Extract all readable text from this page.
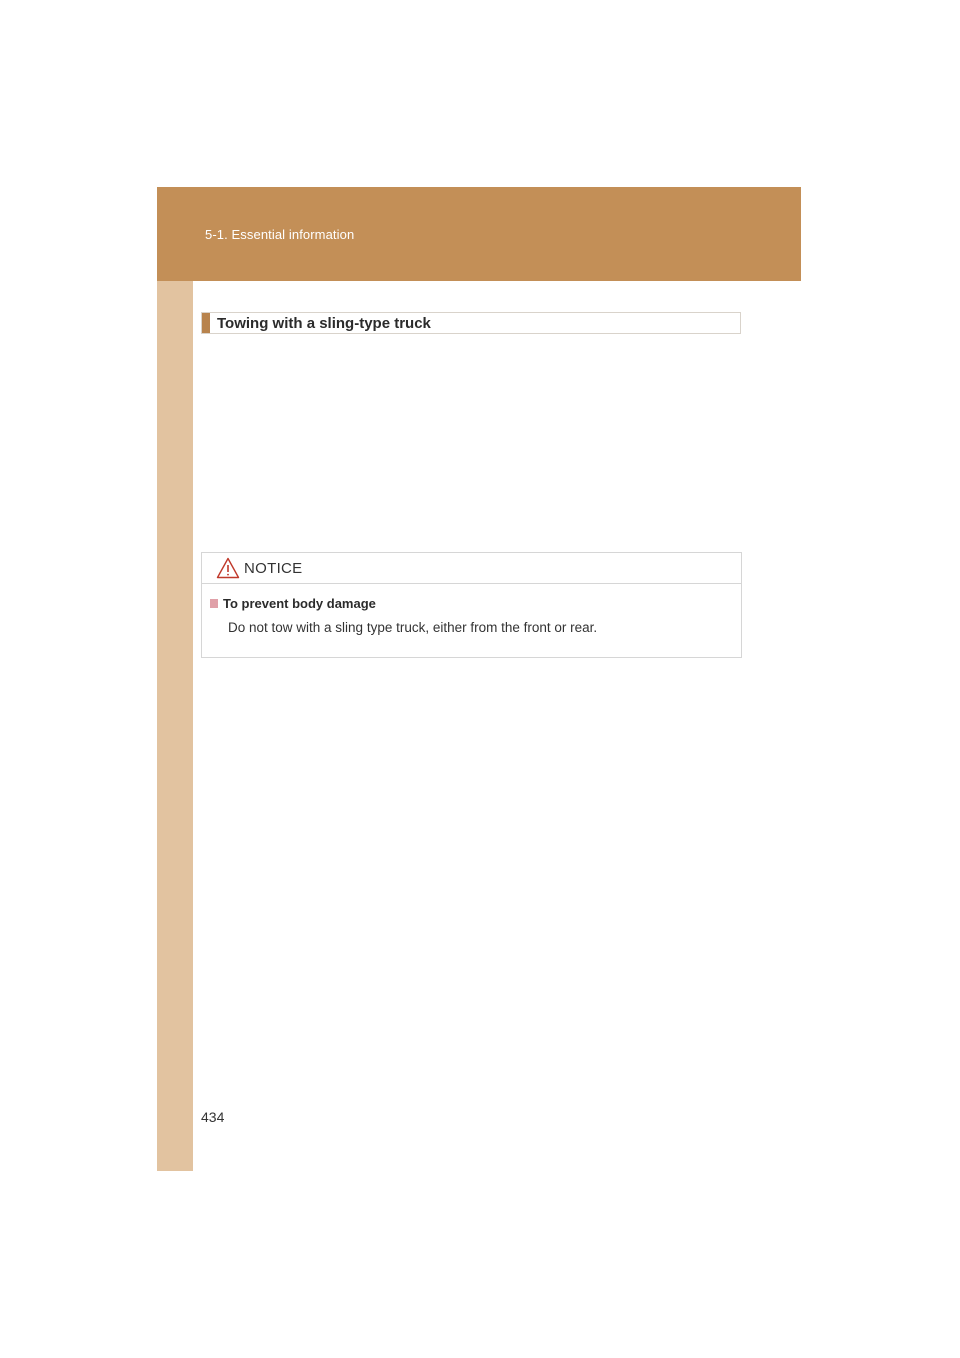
5-1. Essential information
Towing with a sling-type truck
NOTICE
To prevent body damage
Do not tow with a sling type truck, either from the front or rear.
434
